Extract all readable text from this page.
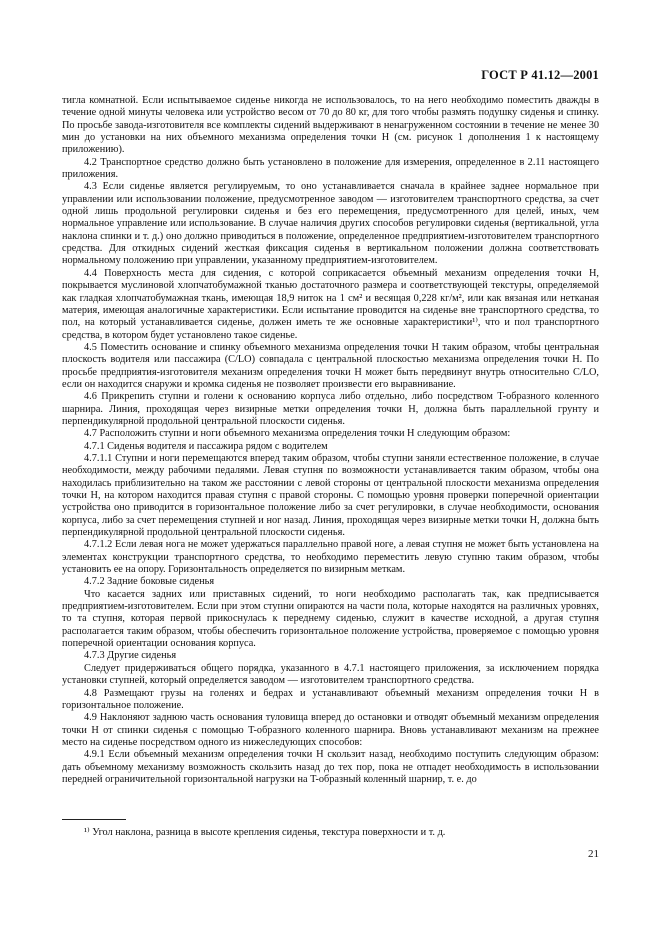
ГОСТ Р 41.12—2001

тигла комнатной. Если испытываемое сиденье никогда не использовалось, то на него необходимо поместить дважды в течение одной минуты человека или устройство весом от 70 до 80 кг, для того чтобы размять подушку сиденья и спинку. По просьбе завода-изготовителя все комплекты сидений выдерживают в ненагруженном состоянии в течение не менее 30 мин до установки на них объемного механизма определения точки H (см. рисунок 1 дополнения 1 к настоящему приложению).

4.2 Транспортное средство должно быть установлено в положение для измерения, определенное в 2.11 настоящего приложения.

4.3 Если сиденье является регулируемым, то оно устанавливается сначала в крайнее заднее нормальное при управлении или использовании положение, предусмотренное заводом — изготовителем транспортного средства, за счет одной лишь продольной регулировки сиденья и без его перемещения, предусмотренного для целей, иных, чем нормальное управление или использование. В случае наличия других способов регулировки сиденья (вертикальной, угла наклона спинки и т. д.) оно должно приводиться в положение, определенное предприятием-изготовителем транспортного средства. Для откидных сидений жесткая фиксация сиденья в вертикальном положении должна соответствовать нормальному положению при управлении, указанному предприятием-изготовителем.

4.4 Поверхность места для сидения, с которой соприкасается объемный механизм определения точки H, покрывается муслиновой хлопчатобумажной тканью достаточного размера и соответствующей текстуры, определяемой как гладкая хлопчатобумажная ткань, имеющая 18,9 ниток на 1 см² и весящая 0,228 кг/м², или как вязаная или нетканая материя, имеющая аналогичные характеристики. Если испытание проводится на сиденье вне транспортного средства, то пол, на который устанавливается сиденье, должен иметь те же основные характеристики¹⁾, что и пол транспортного средства, в котором будет установлено такое сиденье.

4.5 Поместить основание и спинку объемного механизма определения точки H таким образом, чтобы центральная плоскость водителя или пассажира (C/LO) совпадала с центральной плоскостью механизма определения точки H. По просьбе предприятия-изготовителя механизм определения точки H может быть передвинут внутрь относительно C/LO, если он находится снаружи и кромка сиденья не позволяет произвести его выравнивание.

4.6 Прикрепить ступни и голени к основанию корпуса либо отдельно, либо посредством T-образного коленного шарнира. Линия, проходящая через визирные метки определения точки H, должна быть параллельной грунту и перпендикулярной продольной центральной плоскости сиденья.

4.7 Расположить ступни и ноги объемного механизма определения точки H следующим образом:

4.7.1 Сиденья водителя и пассажира рядом с водителем

4.7.1.1 Ступни и ноги перемещаются вперед таким образом, чтобы ступни заняли естественное положение, в случае необходимости, между рабочими педалями. Левая ступня по возможности устанавливается таким образом, чтобы она находилась приблизительно на таком же расстоянии с левой стороны от центральной плоскости механизма определения точки H, на котором находится правая ступня с правой стороны. С помощью уровня проверки поперечной ориентации устройства оно приводится в горизонтальное положение либо за счет регулировки, в случае необходимости, основания корпуса, либо за счет перемещения ступней и ног назад. Линия, проходящая через визирные метки точки H, должна быть перпендикулярной продольной центральной плоскости сиденья.

4.7.1.2 Если левая нога не может удержаться параллельно правой ноге, а левая ступня не может быть установлена на элементах конструкции транспортного средства, то необходимо переместить левую ступню таким образом, чтобы установить ее на опору. Горизонтальность определяется по визирным меткам.

4.7.2 Задние боковые сиденья

Что касается задних или приставных сидений, то ноги необходимо располагать так, как предписывается предприятием-изготовителем. Если при этом ступни опираются на части пола, которые находятся на различных уровнях, то та ступня, которая первой прикоснулась к переднему сиденью, служит в качестве исходной, а другая ступня располагается таким образом, чтобы обеспечить горизонтальное положение устройства, проверяемое с помощью уровня поперечной ориентации основания корпуса.

4.7.3 Другие сиденья

Следует придерживаться общего порядка, указанного в 4.7.1 настоящего приложения, за исключением порядка установки ступней, который определяется заводом — изготовителем транспортного средства.

4.8 Размещают грузы на голенях и бедрах и устанавливают объемный механизм определения точки H в горизонтальное положение.

4.9 Наклоняют заднюю часть основания туловища вперед до остановки и отводят объемный механизм определения точки H от спинки сиденья с помощью T-образного коленного шарнира. Вновь устанавливают механизм на прежнее место на сиденье посредством одного из нижеследующих способов:

4.9.1 Если объемный механизм определения точки H скользит назад, необходимо поступить следующим образом: дать объемному механизму возможность скользить назад до тех пор, пока не отпадет необходимость в использовании передней ограничительной горизонтальной нагрузки на T-образный коленный шарнир, т. е. до

¹⁾ Угол наклона, разница в высоте крепления сиденья, текстура поверхности и т. д.
21
